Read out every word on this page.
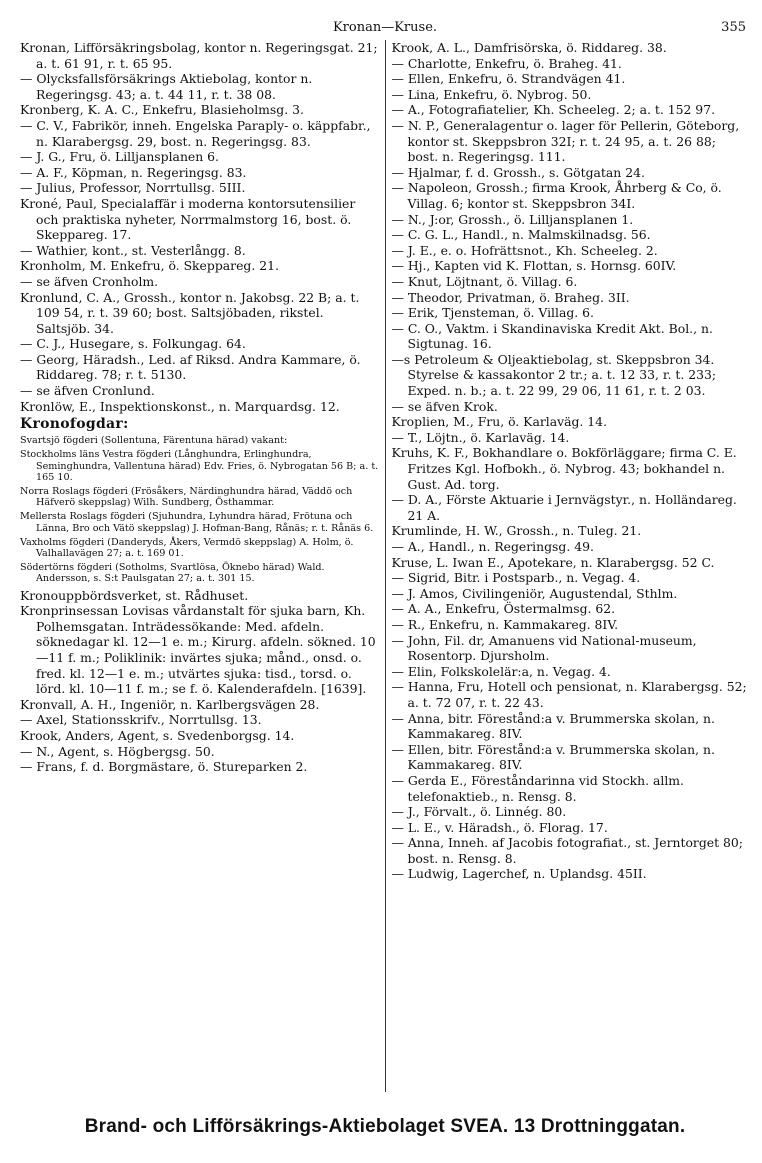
Kronan—Kruse.	355

Kronan, Lifförsäkringsbolag, kontor n. Regeringsgat. 21; a. t. 61 91, r. t. 65 95.

— Olycksfallsförsäkrings Aktiebolag, kontor n. Regeringsg. 43; a. t. 44 11, r. t. 38 08.

Kronberg, K. A. C., Enkefru, Blasieholmsg. 3.

— C. V., Fabrikör, inneh. Engelska Paraply- o. käppfabr., n. Klarabergsg. 29, bost. n. Regeringsg. 83.

— J. G., Fru, ö. Lilljansplanen 6.

— A. F., Köpman, n. Regeringsg. 83.

— Julius, Professor, Norrtullsg. 5III.

Kroné, Paul, Specialaffär i moderna kontorsutensilier och praktiska nyheter, Norrmalmstorg 16, bost. ö. Skeppareg. 17.

— Wathier, kont., st. Vesterlångg. 8.

Kronholm, M. Enkefru, ö. Skeppareg. 21.

— se äfven Cronholm.

Kronlund, C. A., Grossh., kontor n. Jakobsg. 22 B; a. t. 109 54, r. t. 39 60; bost. Saltsjöbaden, rikstel. Saltsjöb. 34.

— C. J., Husegare, s. Folkungag. 64.

— Georg, Häradsh., Led. af Riksd. Andra Kammare, ö. Riddareg. 78; r. t. 5130.

— se äfven Cronlund.

Kronlöw, E., Inspektionskonst., n. Marquardsg. 12.

Kronofogdar:

Svartsjö fögderi (Sollentuna, Färentuna härad) vakant:

Stockholms läns Vestra fögderi (Långhundra, Erlinghundra, Seminghundra, Vallentuna härad) Edv. Fries, ö. Nybrogatan 56 B; a. t. 165 10.

Norra Roslags fögderi (Frösåkers, Närdinghundra härad, Väddö och Häfverö skeppslag) Wilh. Sundberg, Östhammar.

Mellersta Roslags fögderi (Sjuhundra, Lyhundra härad, Frötuna och Länna, Bro och Vätö skeppslag) J. Hofman-Bang, Rånäs; r. t. Rånäs 6.

Vaxholms fögderi (Danderyds, Åkers, Vermdö skeppslag) A. Holm, ö. Valhallavägen 27; a. t. 169 01.

Södertörns fögderi (Sotholms, Svartlösa, Öknebo härad) Wald. Andersson, s. S:t Paulsgatan 27; a. t. 301 15.

Kronouppbördsverket, st. Rådhuset.

Kronprinsessan Lovisas vårdanstalt för sjuka barn, Kh. Polhemsgatan. Inträdessökande: Med. afdeln. söknedagar kl. 12—1 e. m.; Kirurg. afdeln. sökned. 10—11 f. m.; Poliklinik: invärtes sjuka; månd., onsd. o. fred. kl. 12—1 e. m.; utvärtes sjuka: tisd., torsd. o. lörd. kl. 10—11 f. m.; se f. ö. Kalenderafdeln. [1639].

Kronvall, A. H., Ingeniör, n. Karlbergsvägen 28.

— Axel, Stationsskrifv., Norrtullsg. 13.

Krook, Anders, Agent, s. Svedenborgsg. 14.

— N., Agent, s. Högbergsg. 50.

— Frans, f. d. Borgmästare, ö. Stureparken 2.

Krook, A. L., Damfrisörska, ö. Riddareg. 38.

— Charlotte, Enkefru, ö. Braheg. 41.

— Ellen, Enkefru, ö. Strandvägen 41.

— Lina, Enkefru, ö. Nybrog. 50.

— A., Fotografiatelier, Kh. Scheeleg. 2; a. t. 152 97.

— N. P., Generalagentur o. lager för Pellerin, Göteborg, kontor st. Skeppsbron 32I; r. t. 24 95, a. t. 26 88; bost. n. Regeringsg. 111.

— Hjalmar, f. d. Grossh., s. Götgatan 24.

— Napoleon, Grossh.; firma Krook, Åhrberg & Co, ö. Villag. 6; kontor st. Skeppsbron 34I.

— N., J:or, Grossh., ö. Lilljansplanen 1.

— C. G. L., Handl., n. Malmskilnadsg. 56.

— J. E., e. o. Hofrättsnot., Kh. Scheeleg. 2.

— Hj., Kapten vid K. Flottan, s. Hornsg. 60IV.

— Knut, Löjtnant, ö. Villag. 6.

— Theodor, Privatman, ö. Braheg. 3II.

— Erik, Tjensteman, ö. Villag. 6.

— C. O., Vaktm. i Skandinaviska Kredit Akt. Bol., n. Sigtunag. 16.

—s Petroleum & Oljeaktiebolag, st. Skeppsbron 34. Styrelse & kassakontor 2 tr.; a. t. 12 33, r. t. 233; Exped. n. b.; a. t. 22 99, 29 06, 11 61, r. t. 2 03.

— se äfven Krok.

Kroplien, M., Fru, ö. Karlaväg. 14.

— T., Löjtn., ö. Karlaväg. 14.

Kruhs, K. F., Bokhandlare o. Bokförläggare; firma C. E. Fritzes Kgl. Hofbokh., ö. Nybrog. 43; bokhandel n. Gust. Ad. torg.

— D. A., Förste Aktuarie i Jernvägstyr., n. Holländareg. 21 A.

Krumlinde, H. W., Grossh., n. Tuleg. 21.

— A., Handl., n. Regeringsg. 49.

Kruse, L. Iwan E., Apotekare, n. Klarabergsg. 52 C.

— Sigrid, Bitr. i Postsparb., n. Vegag. 4.

— J. Amos, Civilingeniör, Augustendal, Sthlm.

— A. A., Enkefru, Östermalmsg. 62.

— R., Enkefru, n. Kammakareg. 8IV.

— John, Fil. dr, Amanuens vid National-museum, Rosentorp. Djursholm.

— Elin, Folkskolelär:a, n. Vegag. 4.

— Hanna, Fru, Hotell och pensionat, n. Klarabergsg. 52; a. t. 72 07, r. t. 22 43.

— Anna, bitr. Förestånd:a v. Brummerska skolan, n. Kammakareg. 8IV.

— Ellen, bitr. Förestånd:a v. Brummerska skolan, n. Kammakareg. 8IV.

— Gerda E., Föreståndarinna vid Stockh. allm. telefonaktieb., n. Rensg. 8.

— J., Förvalt., ö. Linnég. 80.

— L. E., v. Häradsh., ö. Florag. 17.

— Anna, Inneh. af Jacobis fotografiat., st. Jerntorget 80; bost. n. Rensg. 8.

— Ludwig, Lagerchef, n. Uplandsg. 45II.

Brand- och Lifförsäkrings-Aktiebolaget SVEA. 13 Drottninggatan.
